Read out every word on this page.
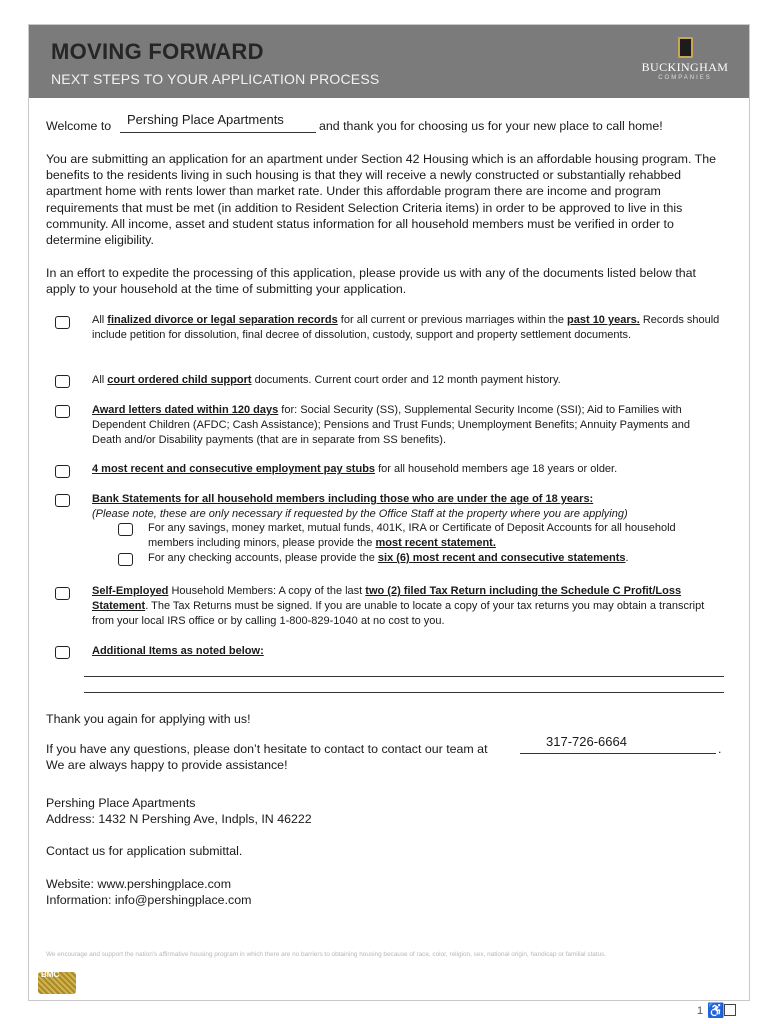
MOVING FORWARD
NEXT STEPS TO YOUR APPLICATION PROCESS
BUCKINGHAM
COMPANIES
Welcome to Pershing Place Apartments	and thank you for choosing us for your new place to call home!
You are submitting an application for an apartment under Section 42 Housing which is an affordable housing program. The benefits to the residents living in such housing is that they will receive a newly constructed or substantially rehabbed apartment home with rents lower than market rate. Under this affordable program there are income and program requirements that must be met (in addition to Resident Selection Criteria items) in order to be approved to live in this community. All income, asset and student status information for all household members must be verified in order to determine eligibility.
In an effort to expedite the processing of this application, please provide us with any of the documents listed below that apply to your household at the time of submitting your application.
All finalized divorce or legal separation records for all current or previous marriages within the past 10 years. Records should include petition for dissolution, final decree of dissolution, custody, support and property settlement documents.
All court ordered child support documents. Current court order and 12 month payment history.
Award letters dated within 120 days for: Social Security (SS), Supplemental Security Income (SSI); Aid to Families with Dependent Children (AFDC; Cash Assistance); Pensions and Trust Funds; Unemployment Benefits; Annuity Payments and Death and/or Disability payments (that are in separate from SS benefits).
4 most recent and consecutive employment pay stubs for all household members age 18 years or older.
Bank Statements for all household members including those who are under the age of 18 years:
(Please note, these are only necessary if requested by the Office Staff at the property where you are applying)
For any savings, money market, mutual funds, 401K, IRA or Certificate of Deposit Accounts for all household members including minors, please provide the most recent statement.
For any checking accounts, please provide the six (6) most recent and consecutive statements.
Self-Employed Household Members: A copy of the last two (2) filed Tax Return including the Schedule C Profit/Loss Statement. The Tax Returns must be signed. If you are unable to locate a copy of your tax returns you may obtain a transcript from your local IRS office or by calling 1-800-829-1040 at no cost to you.
Additional Items as noted below:
Thank you again for applying with us!
If you have any questions, please don’t hesitate to contact to contact our team at	317-726-6664	.
We are always happy to provide assistance!
Pershing Place Apartments
Address: 1432 N Pershing Ave, Indpls, IN 46222
Contact us for application submittal.
Website: www.pershingplace.com
Information: info@pershingplace.com
We encourage and support the nation's affirmative housing program in which there are no barriers to obtaining housing because of race, color, religion, sex, national origin, handicap or familial status.
BMC
1 ♿
